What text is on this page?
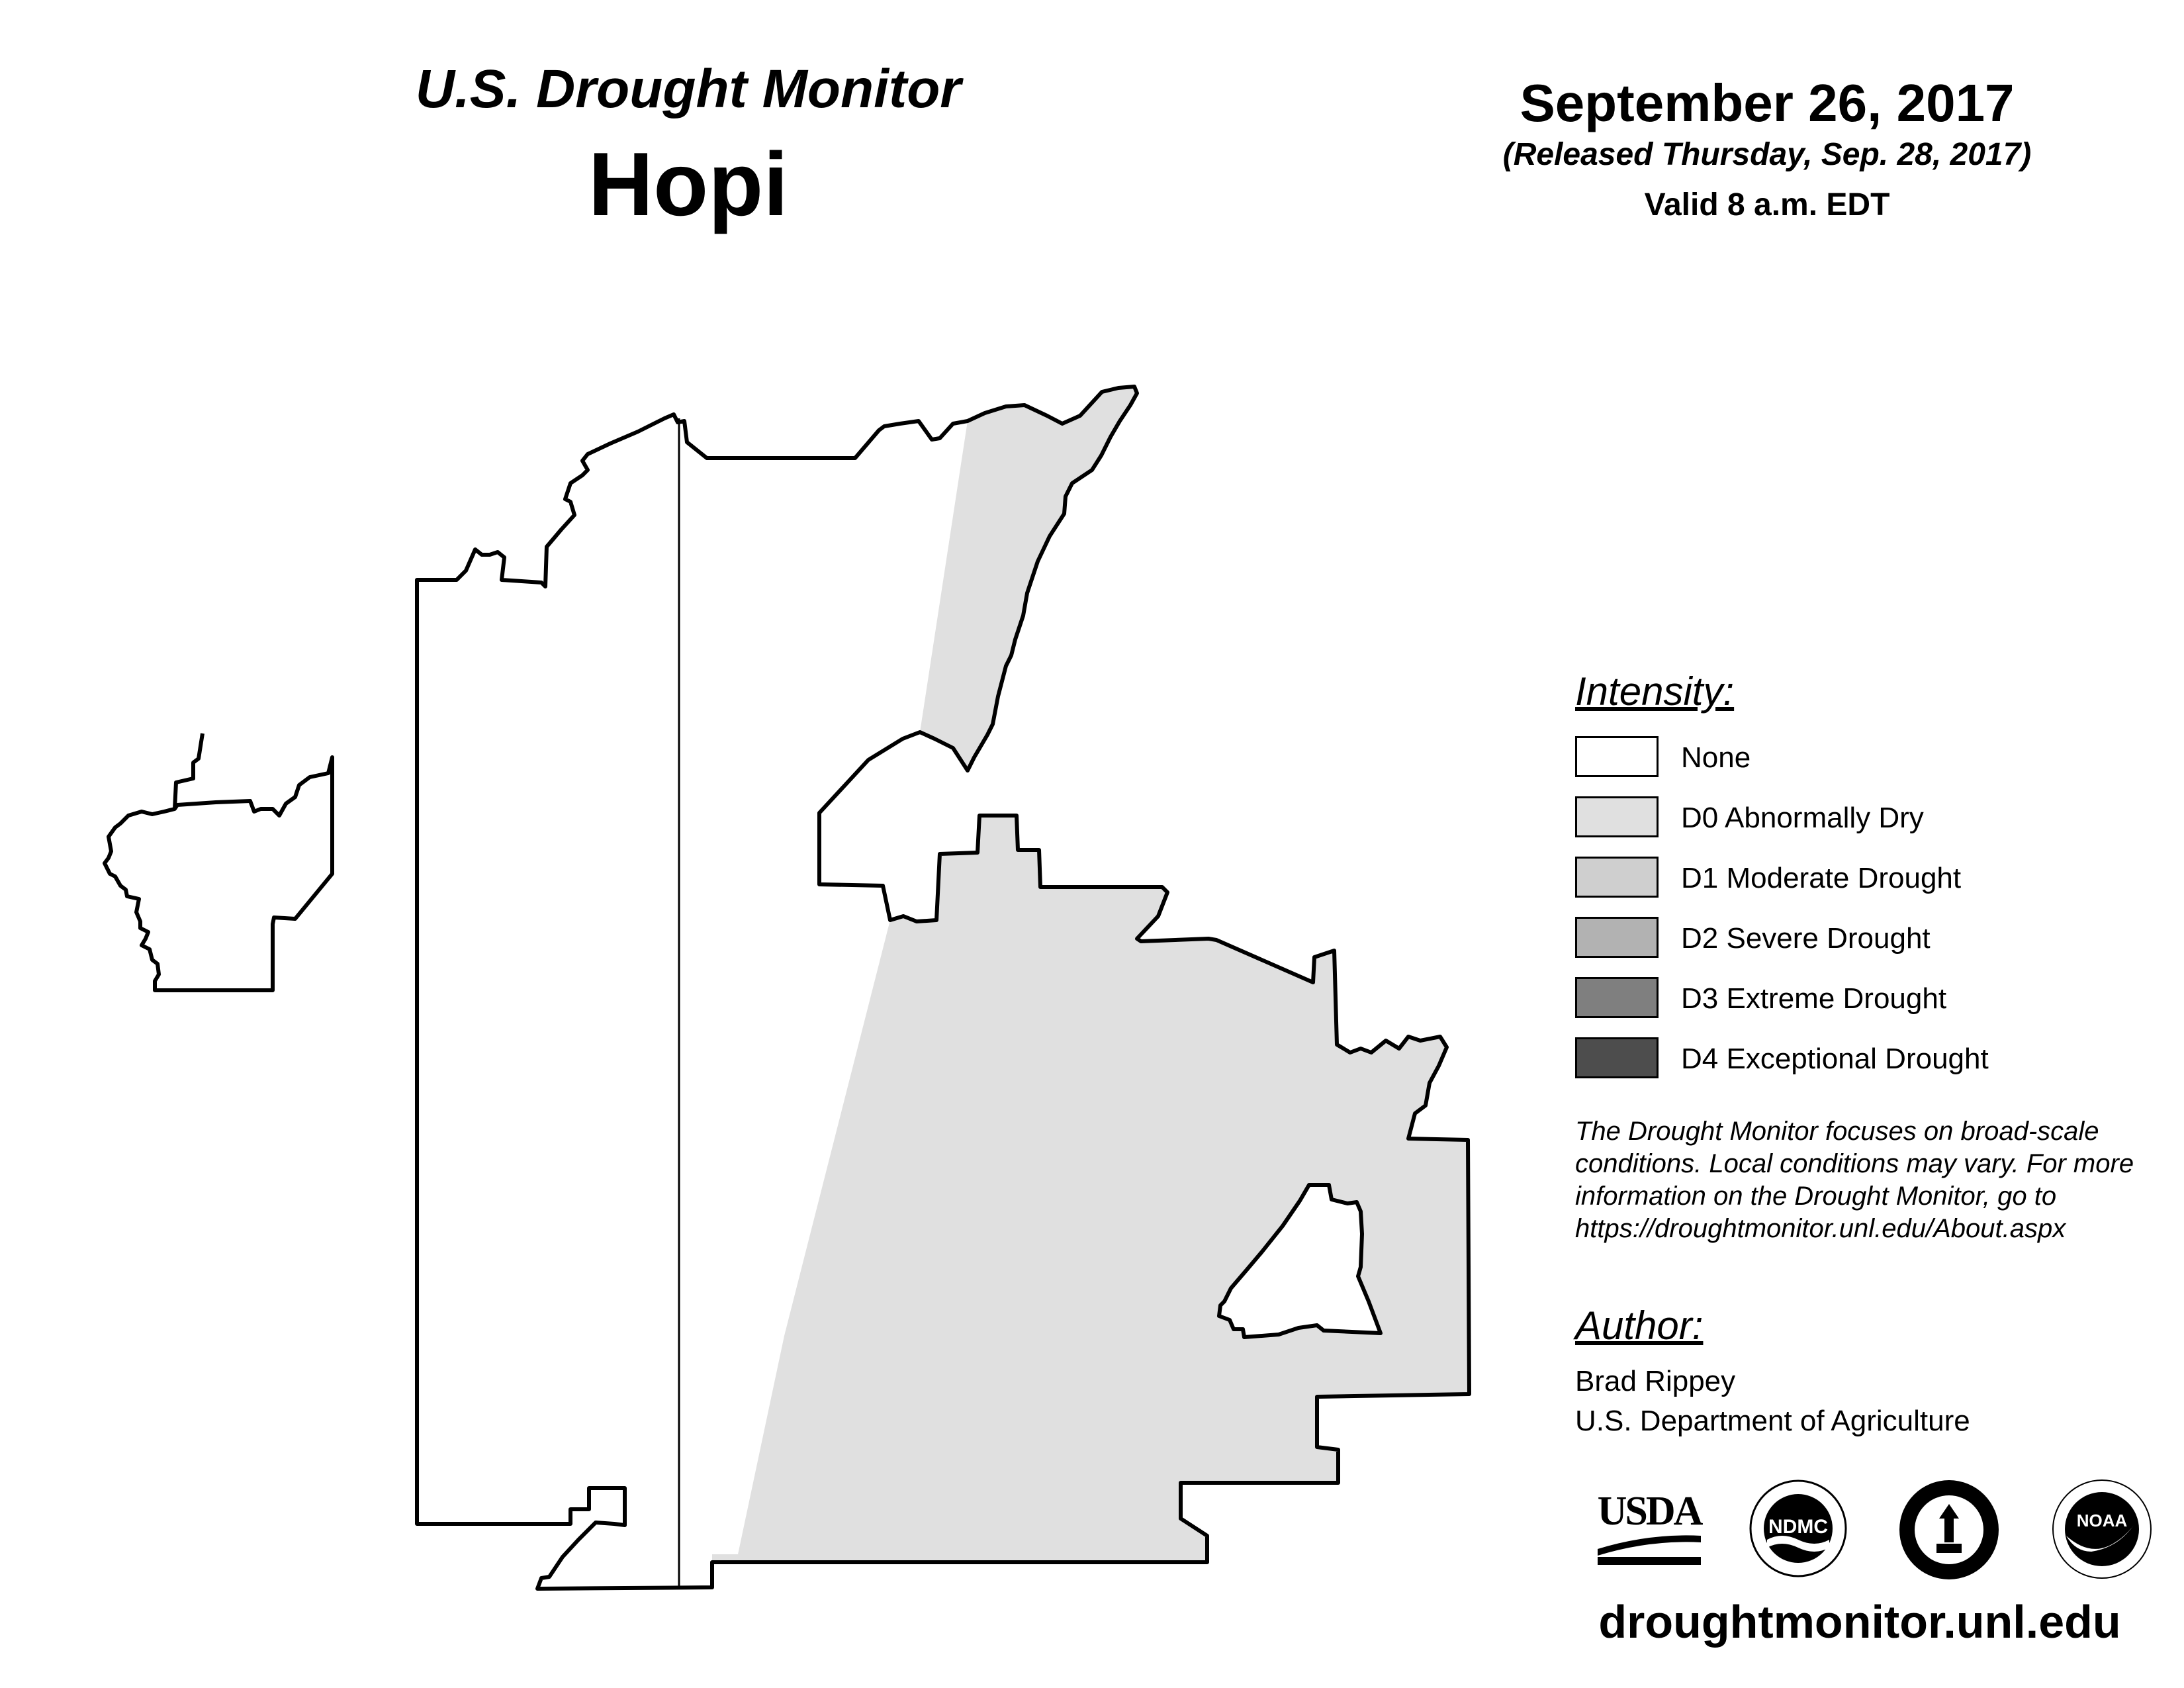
U.S. Drought Monitor
Hopi
September 26, 2017
(Released Thursday, Sep. 28, 2017)
Valid 8 a.m. EDT
Intensity:
None
D0 Abnormally Dry
D1 Moderate Drought
D2 Severe Drought
D3 Extreme Drought
D4 Exceptional Drought
The Drought Monitor focuses on broad-scale conditions. Local conditions may vary. For more information on the Drought Monitor, go to https://droughtmonitor.unl.edu/About.aspx
Author:
Brad Rippey
U.S. Department of Agriculture
USDA	NDMC	NOAA
droughtmonitor.unl.edu
